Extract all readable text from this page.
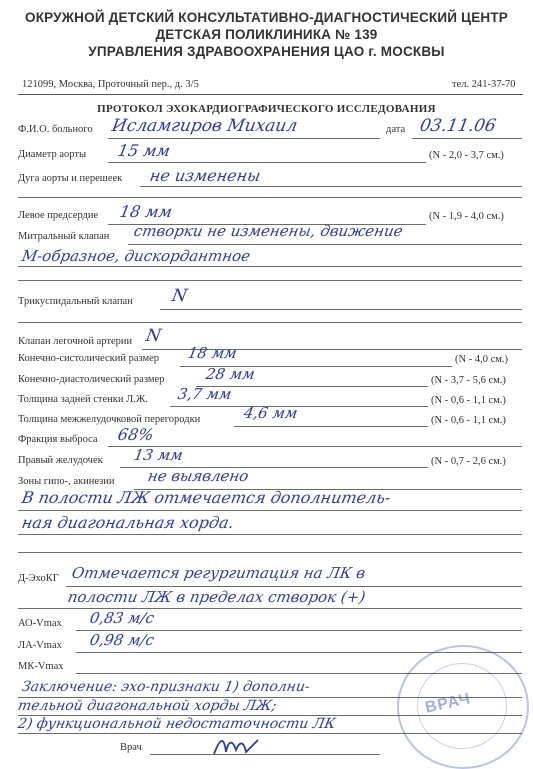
ОКРУЖНОЙ ДЕТСКИЙ КОНСУЛЬТАТИВНО-ДИАГНОСТИЧЕСКИЙ ЦЕНТР
ДЕТСКАЯ ПОЛИКЛИНИКА № 139
УПРАВЛЕНИЯ ЗДРАВООХРАНЕНИЯ ЦАО г. МОСКВЫ
121099, Москва, Проточный пер., д. 3/5	тел. 241-37-70
ПРОТОКОЛ ЭХОКАРДИОГРАФИЧЕСКОГО ИССЛЕДОВАНИЯ
Ф.И.О. больного Исламгиров Михаил	дата 03.11.06
Диаметр аорты 15 мм	(N - 2,0 - 3,7 см.)
Дуга аорты и перешеек не изменены
Левое предсердие 18 мм	(N - 1,9 - 4,0 см.)
Митральный клапан створки не изменены, движение
М-образное, дискордантное
Трикуспидальный клапан N
Клапан легочной артерии N
Конечно-систолический размер 18 мм	(N - 4,0 см.)
Конечно-диастолический размер	28 мм	(N - 3,7 - 5,6 см.)
Толщина задней стенки Л.Ж. 3,7 мм	(N - 0,6 - 1,1 см.)
Толщина межжелудочковой перегородки	4,6 мм	(N - 0,6 - 1,1 см.)
Фракция выброса 68%
Правый желудочек 13 мм	(N - 0,7 - 2,6 см.)
Зоны гипо-, акинезии не выявлено
В полости ЛЖ отмечается дополнитель-
ная диагональная хорда.
Д-ЭхоКГ Отмечается регургитация на ЛК в
полости ЛЖ в пределах створок (+)
АО-Vmax 0,83 м/с
ЛА-Vmax 0,98 м/с
МК-Vmax
Заключение: эхо-признаки 1) дополни-
тельной диагональной хорды ЛЖ;
2) функциональной недостаточности ЛК
Врач
ВРАЧ
